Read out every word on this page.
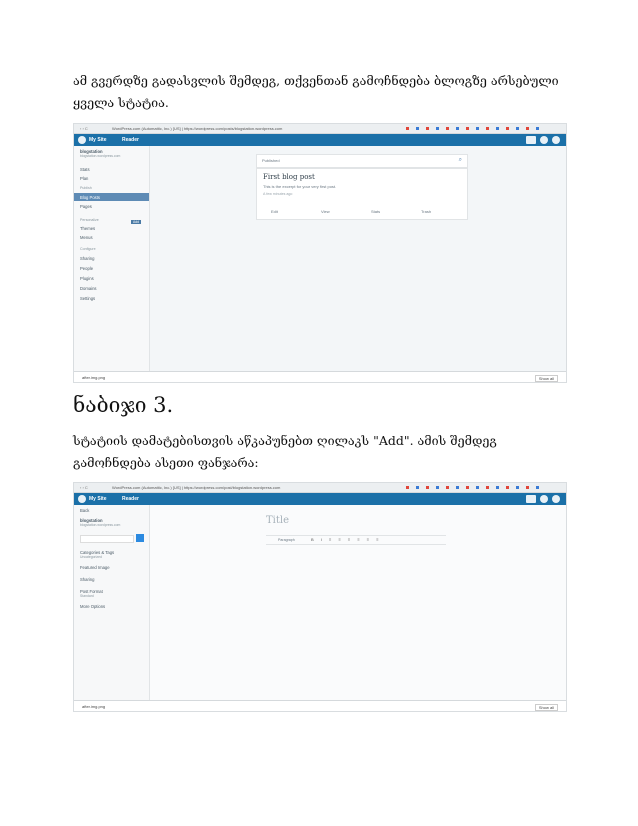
ამ გვერდზე გადასვლის შემდეგ, თქვენთან გამოჩნდება ბლოგზე არსებული ყველა სტატია.

‹ › C	WordPress.com (Automattic, Inc.) [US] | https://wordpress.com/posts/blogstation.wordpress.com
My Site	Reader
blogstation
blogstation.wordpress.com
Stats
Plan
Publish
Blog Posts
Add
Pages
Personalize
Themes
Menus
Configure
Sharing
People
Plugins
Domains
Settings
Published	⌕
First blog post
This is the excerpt for your very first post.
A few minutes ago
Edit	View	Stats	Trash
after.img.png	Show all
ნაბიჯი 3.

სტატიის დამატებისთვის აწკაპუნებთ ღილაკს "Add". ამის შემდეგ გამოჩნდება ასეთი ფანჯარა:

‹ › C	WordPress.com (Automattic, Inc.) [US] | https://wordpress.com/post/blogstation.wordpress.com
My Site	Reader
Back
blogstation
blogstation.wordpress.com
Categories & Tags
Uncategorized
Featured Image
Sharing
Post Format
Standard
More Options
Title
Paragraph	B I ≡ ≡ ≡ ≡ ≡ ≡
after.img.png	Show all
